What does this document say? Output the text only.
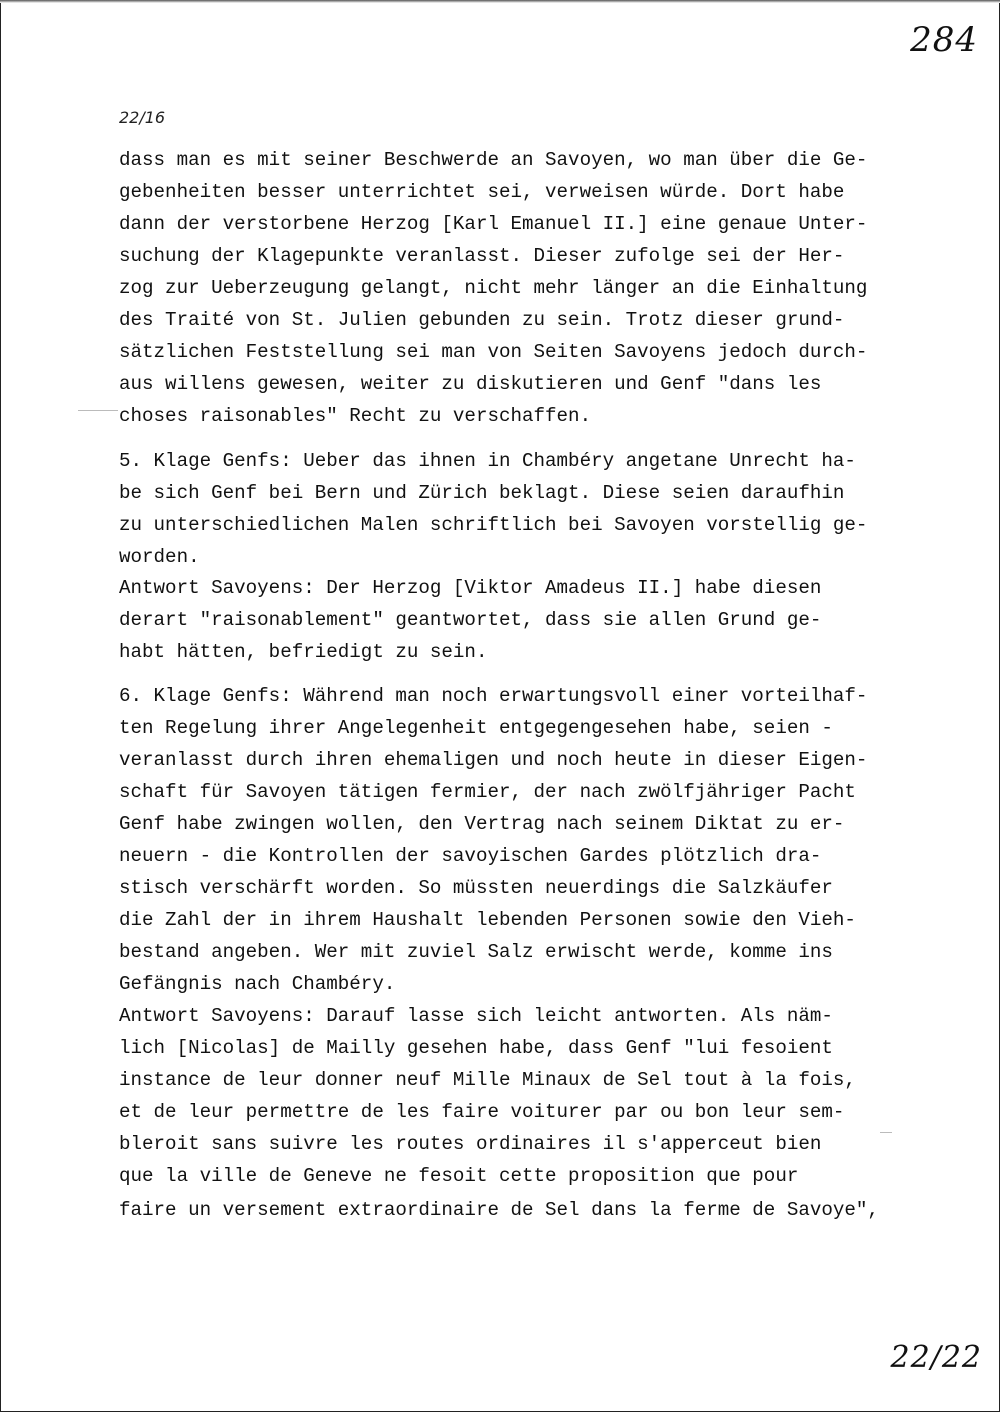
284
22/16
dass man es mit seiner Beschwerde an Savoyen, wo man über die Ge-
gebenheiten besser unterrichtet sei, verweisen würde. Dort habe
dann der verstorbene Herzog [Karl Emanuel II.] eine genaue Unter-
suchung der Klagepunkte veranlasst. Dieser zufolge sei der Her-
zog zur Ueberzeugung gelangt, nicht mehr länger an die Einhaltung
des Traité von St. Julien gebunden zu sein. Trotz dieser grund-
sätzlichen Feststellung sei man von Seiten Savoyens jedoch durch-
aus willens gewesen, weiter zu diskutieren und Genf "dans les
choses raisonables" Recht zu verschaffen.
5. Klage Genfs: Ueber das ihnen in Chambéry angetane Unrecht ha-
be sich Genf bei Bern und Zürich beklagt. Diese seien daraufhin
zu unterschiedlichen Malen schriftlich bei Savoyen vorstellig ge-
worden.
Antwort Savoyens: Der Herzog [Viktor Amadeus II.] habe diesen
derart "raisonablement" geantwortet, dass sie allen Grund ge-
habt hätten, befriedigt zu sein.
6. Klage Genfs: Während man noch erwartungsvoll einer vorteilhaf-
ten Regelung ihrer Angelegenheit entgegengesehen habe, seien -
veranlasst durch ihren ehemaligen und noch heute in dieser Eigen-
schaft für Savoyen tätigen fermier, der nach zwölfjähriger Pacht
Genf habe zwingen wollen, den Vertrag nach seinem Diktat zu er-
neuern - die Kontrollen der savoyischen Gardes plötzlich dra-
stisch verschärft worden. So müssten neuerdings die Salzkäufer
die Zahl der in ihrem Haushalt lebenden Personen sowie den Vieh-
bestand angeben. Wer mit zuviel Salz erwischt werde, komme ins
Gefängnis nach Chambéry.
Antwort Savoyens: Darauf lasse sich leicht antworten. Als näm-
lich [Nicolas] de Mailly gesehen habe, dass Genf "lui fesoient
instance de leur donner neuf Mille Minaux de Sel tout à la fois,
et de leur permettre de les faire voiturer par ou bon leur sem-
bleroit sans suivre les routes ordinaires il s'apperceut bien
que la ville de Geneve ne fesoit cette proposition que pour
faire un versement extraordinaire de Sel dans la ferme de Savoye",
22/22
